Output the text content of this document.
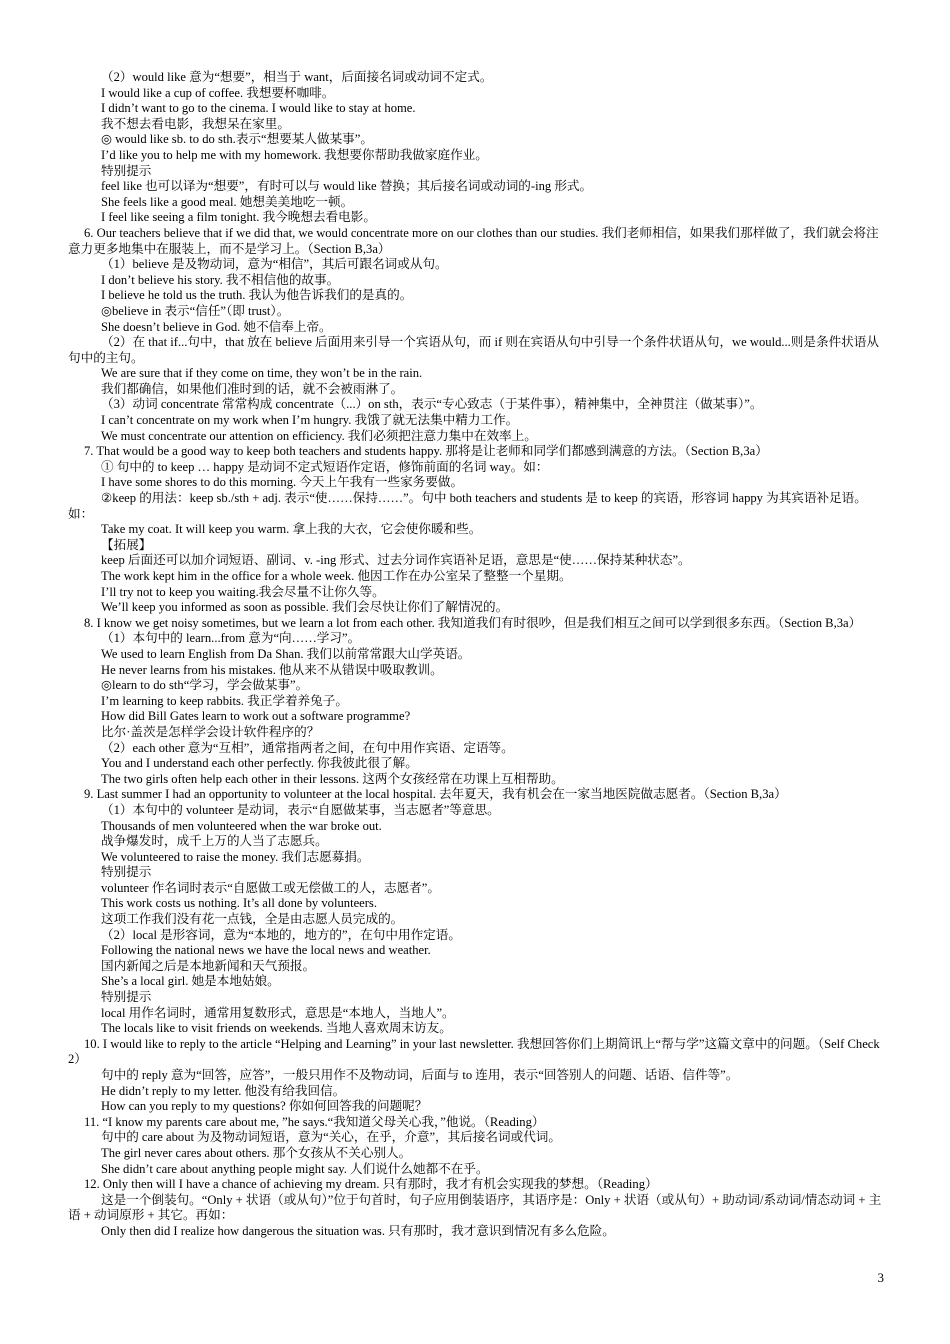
（2）would like 意为“想要”，相当于 want，后面接名词或动词不定式。

I would like a cup of coffee. 我想要杯咖啡。

I didn’t want to go to the cinema. I would like to stay at home.

我不想去看电影，我想呆在家里。

◎ would like sb. to do sth.表示“想要某人做某事”。

I’d like you to help me with my homework. 我想要你帮助我做家庭作业。

特别提示

feel like 也可以译为“想要”，有时可以与 would like 替换；其后接名词或动词的-ing 形式。

She feels like a good meal. 她想美美地吃一顿。

I feel like seeing a film tonight. 我今晚想去看电影。

6. Our teachers believe that if we did that, we would concentrate more on our clothes than our studies. 我们老师相信，如果我们那样做了，我们就会将注意力更多地集中在服装上，而不是学习上。（Section B,3a）

（1）believe 是及物动词，意为“相信”，其后可跟名词或从句。

I don’t believe his story. 我不相信他的故事。

I believe he told us the truth. 我认为他告诉我们的是真的。

◎believe in 表示“信任”（即 trust）。

She doesn’t believe in God. 她不信奉上帝。

（2）在 that if...句中，that 放在 believe 后面用来引导一个宾语从句，而 if 则在宾语从句中引导一个条件状语从句，we would...则是条件状语从句中的主句。

We are sure that if they come on time, they won’t be in the rain.

我们都确信，如果他们准时到的话，就不会被雨淋了。

（3）动词 concentrate 常常构成 concentrate（...）on sth，表示“专心致志（于某件事），精神集中，全神贯注（做某事）”。

I can’t concentrate on my work when I’m hungry. 我饿了就无法集中精力工作。

We must concentrate our attention on efficiency. 我们必须把注意力集中在效率上。

7. That would be a good way to keep both teachers and students happy. 那将是让老师和同学们都感到满意的方法。（Section B,3a）

① 句中的 to keep … happy 是动词不定式短语作定语，修饰前面的名词 way。如：

I have some shores to do this morning. 今天上午我有一些家务要做。

②keep 的用法：keep sb./sth + adj. 表示“使……保持……”。句中 both teachers and students 是 to keep 的宾语，形容词 happy 为其宾语补足语。如：

Take my coat. It will keep you warm. 拿上我的大衣，它会使你暖和些。

【拓展】

keep 后面还可以加介词短语、副词、v. -ing 形式、过去分词作宾语补足语，意思是“使……保持某种状态”。

The work kept him in the office for a whole week. 他因工作在办公室呆了整整一个星期。

I’ll try not to keep you waiting.我会尽量不让你久等。

We’ll keep you informed as soon as possible. 我们会尽快让你们了解情况的。

8. I know we get noisy sometimes, but we learn a lot from each other. 我知道我们有时很吵，但是我们相互之间可以学到很多东西。（Section B,3a）

（1）本句中的 learn...from 意为“向……学习”。

We used to learn English from Da Shan. 我们以前常常跟大山学英语。

He never learns from his mistakes. 他从来不从错误中吸取教训。

◎learn to do sth“学习，学会做某事”。

I’m learning to keep rabbits. 我正学着养兔子。

How did Bill Gates learn to work out a software programme?

比尔·盖茨是怎样学会设计软件程序的？

（2）each other 意为“互相”，通常指两者之间，在句中用作宾语、定语等。

You and I understand each other perfectly. 你我彼此很了解。

The two girls often help each other in their lessons. 这两个女孩经常在功课上互相帮助。

9. Last summer I had an opportunity to volunteer at the local hospital. 去年夏天，我有机会在一家当地医院做志愿者。（Section B,3a）

（1）本句中的 volunteer 是动词，表示“自愿做某事，当志愿者”等意思。

Thousands of men volunteered when the war broke out.

战争爆发时，成千上万的人当了志愿兵。

We volunteered to raise the money. 我们志愿募捐。

特别提示

volunteer 作名词时表示“自愿做工或无偿做工的人，志愿者”。

This work costs us nothing. It’s all done by volunteers.

这项工作我们没有花一点钱，全是由志愿人员完成的。

（2）local 是形容词，意为“本地的，地方的”，在句中用作定语。

Following the national news we have the local news and weather.

国内新闻之后是本地新闻和天气预报。

She’s a local girl. 她是本地姑娘。

特别提示

local 用作名词时，通常用复数形式，意思是“本地人，当地人”。

The locals like to visit friends on weekends. 当地人喜欢周末访友。

10. I would like to reply to the article “Helping and Learning” in your last newsletter. 我想回答你们上期简讯上“帮与学”这篇文章中的问题。（Self Check 2）

句中的 reply 意为“回答，应答”，一般只用作不及物动词，后面与 to 连用，表示“回答别人的问题、话语、信件等”。

He didn’t reply to my letter. 他没有给我回信。

How can you reply to my questions? 你如何回答我的问题呢？

11. “I know my parents care about me, ”he says.“我知道父母关心我，”他说。（Reading）

句中的 care about 为及物动词短语，意为“关心，在乎，介意”，其后接名词或代词。

The girl never cares about others. 那个女孩从不关心别人。

She didn’t care about anything people might say. 人们说什么她都不在乎。

12. Only then will I have a chance of achieving my dream. 只有那时，我才有机会实现我的梦想。（Reading）

这是一个倒装句。“Only + 状语（或从句）”位于句首时，句子应用倒装语序，其语序是：Only + 状语（或从句）+ 助动词/系动词/情态动词 + 主语 + 动词原形 + 其它。再如：

Only then did I realize how dangerous the situation was. 只有那时，我才意识到情况有多么危险。

3
